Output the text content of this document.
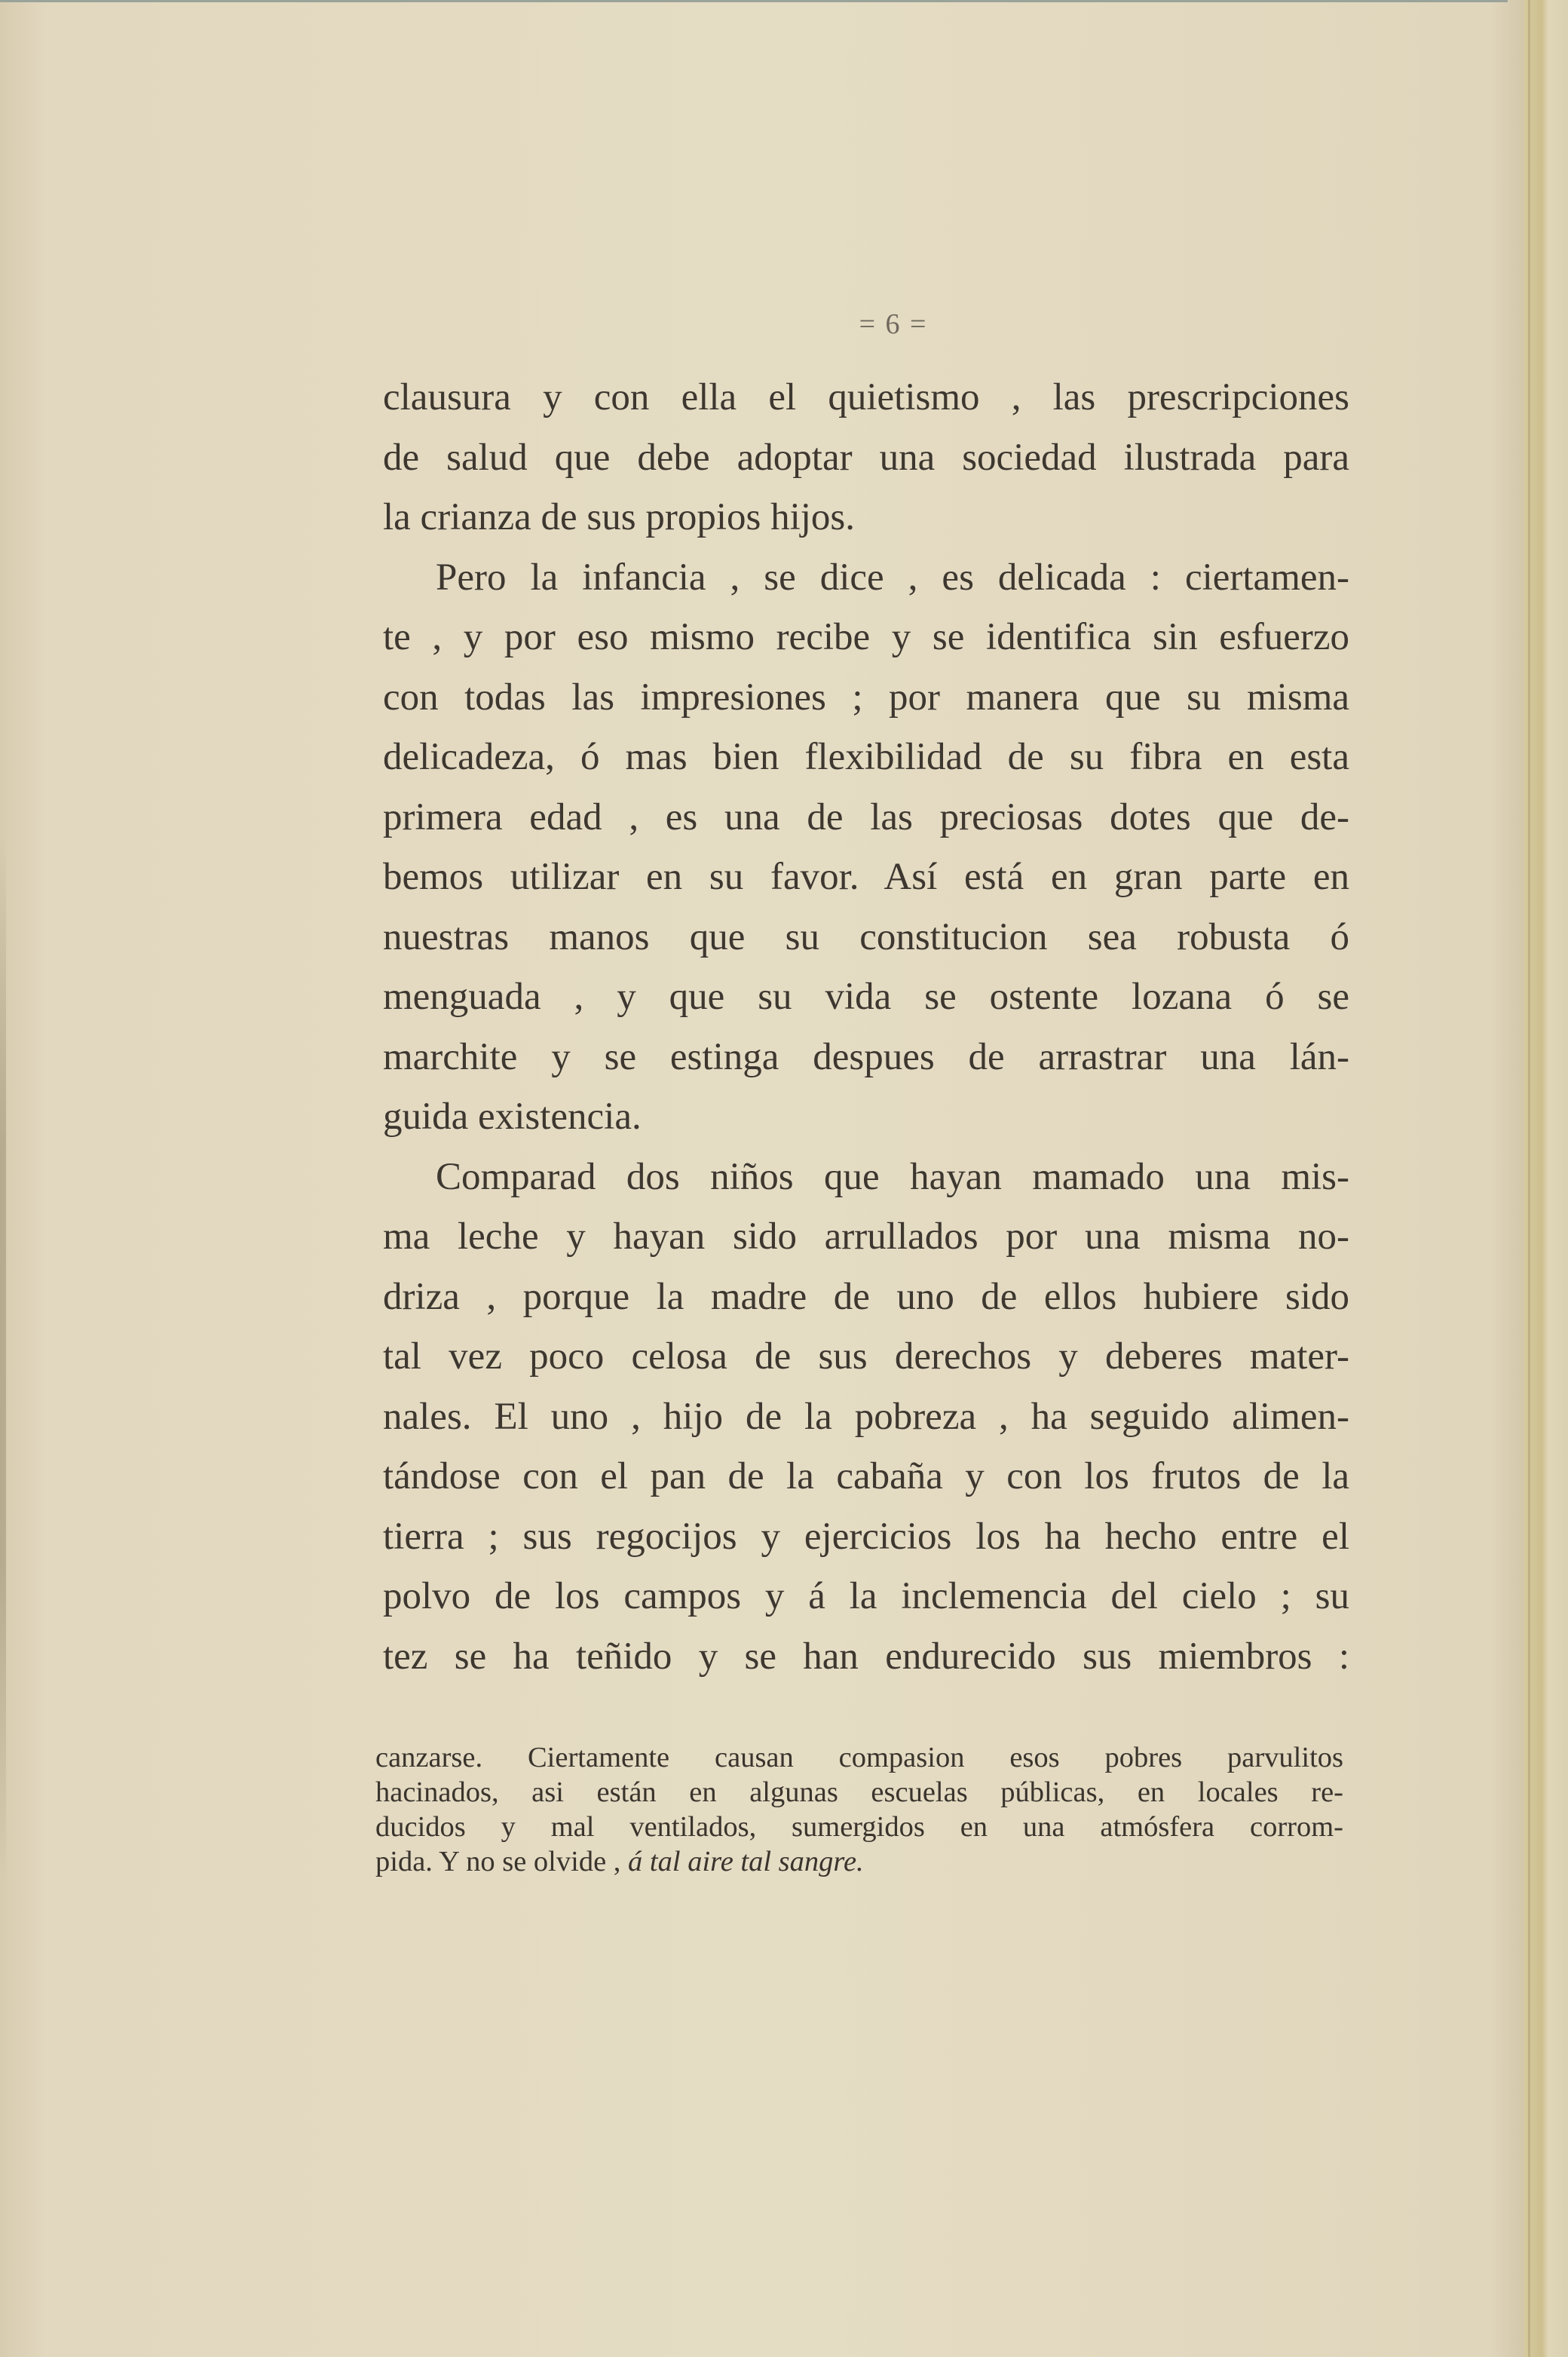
= 6 =
clausura y con ella el quietismo , las prescripciones
de salud que debe adoptar una sociedad ilustrada para
la crianza de sus propios hijos.
Pero la infancia , se dice , es delicada : ciertamen-
te , y por eso mismo recibe y se identifica sin esfuerzo
con todas las impresiones ; por manera que su misma
delicadeza, ó mas bien flexibilidad de su fibra en esta
primera edad , es una de las preciosas dotes que de-
bemos utilizar en su favor. Así está en gran parte en
nuestras manos que su constitucion sea robusta ó
menguada , y que su vida se ostente lozana ó se
marchite y se estinga despues de arrastrar una lán-
guida existencia.
Comparad dos niños que hayan mamado una mis-
ma leche y hayan sido arrullados por una misma no-
driza , porque la madre de uno de ellos hubiere sido
tal vez poco celosa de sus derechos y deberes mater-
nales. El uno , hijo de la pobreza , ha seguido alimen-
tándose con el pan de la cabaña y con los frutos de la
tierra ; sus regocijos y ejercicios los ha hecho entre el
polvo de los campos y á la inclemencia del cielo ; su
tez se ha teñido y se han endurecido sus miembros :
canzarse. Ciertamente causan compasion esos pobres parvulitos
hacinados, asi están en algunas escuelas públicas, en locales re-
ducidos y mal ventilados, sumergidos en una atmósfera corrom-
pida. Y no se olvide , á tal aire tal sangre.
